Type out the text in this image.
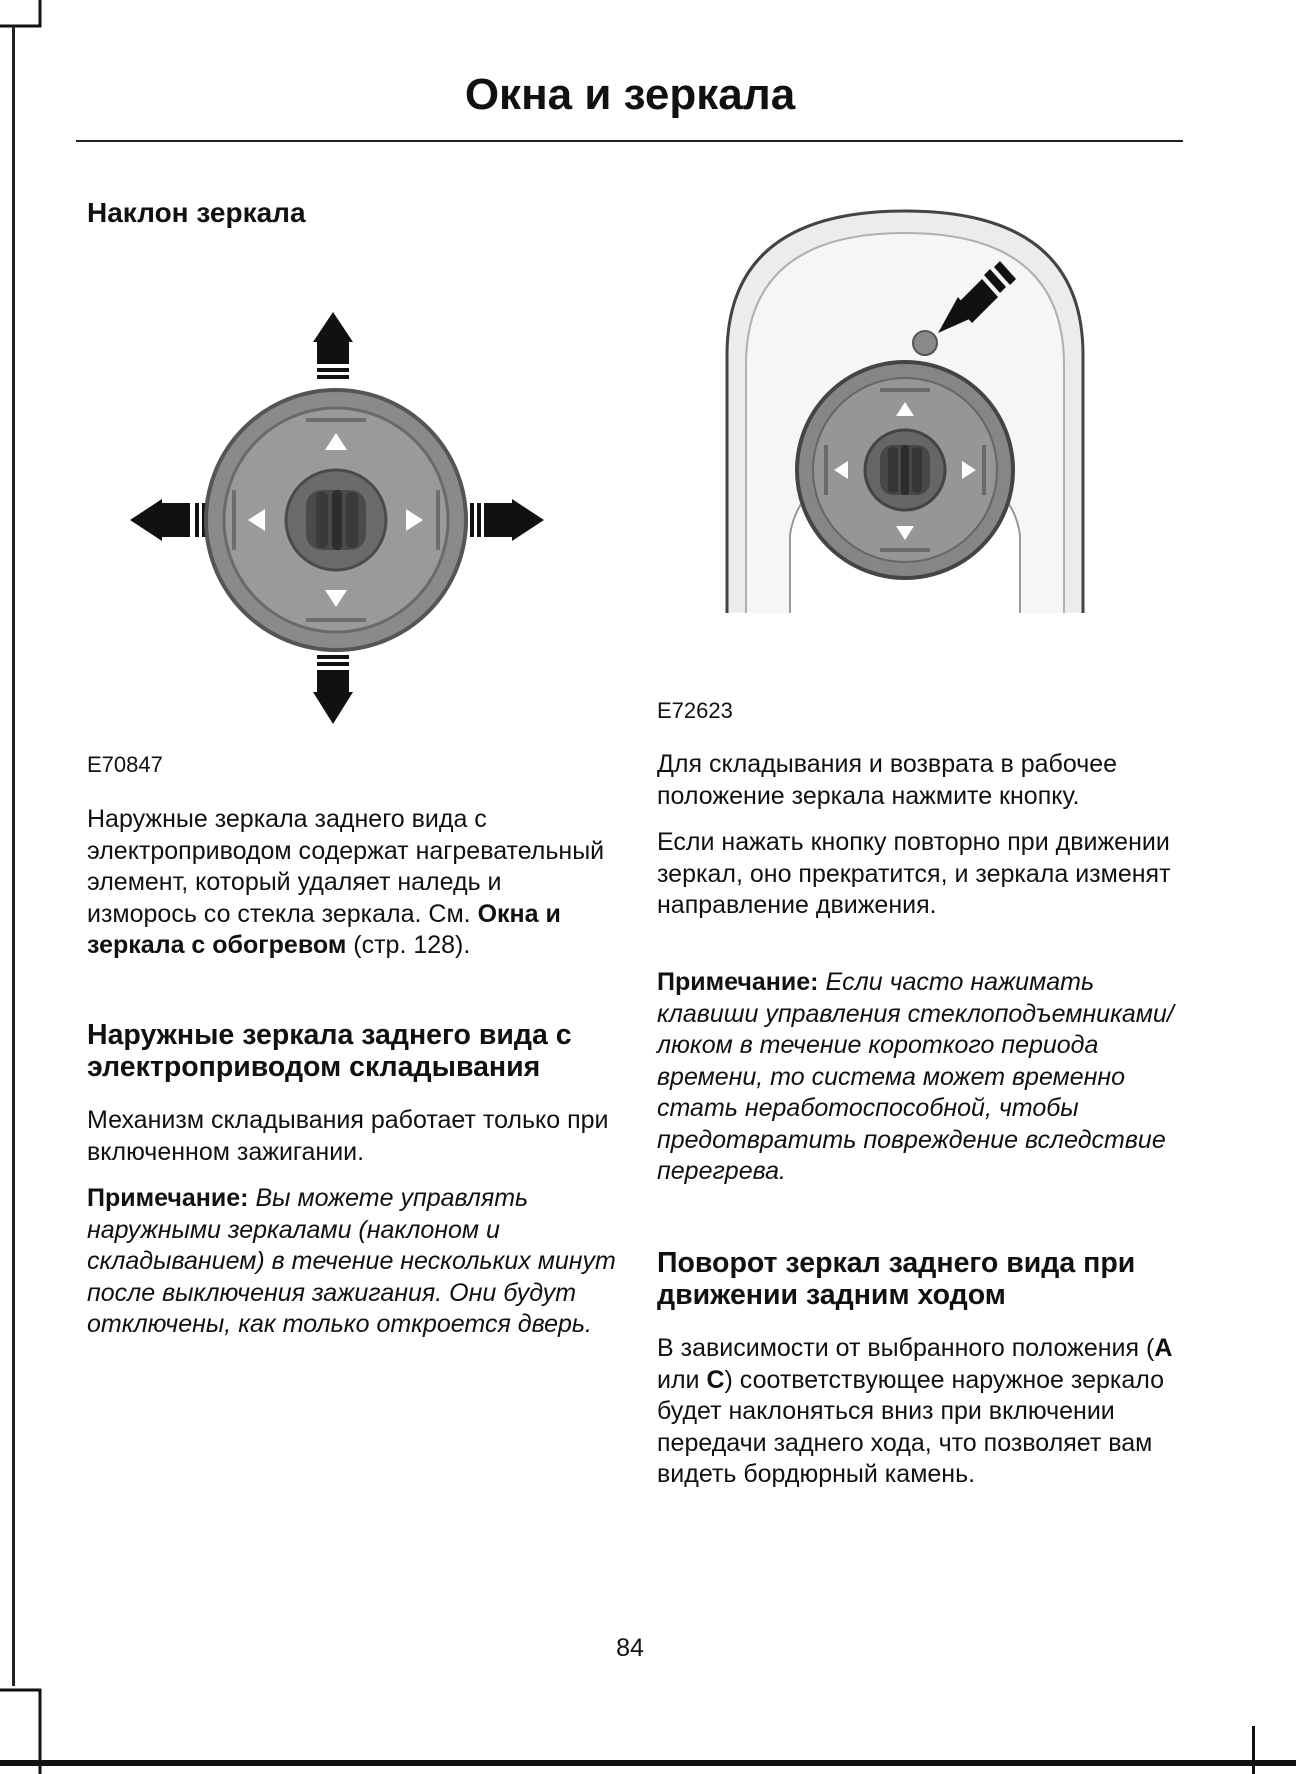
Окна и зеркала
Наклон зеркала

E70847

Наружные зеркала заднего вида с электроприводом содержат нагревательный элемент, который удаляет наледь и изморось со стекла зеркала. См. Окна и зеркала с обогревом (стр. 128).

Наружные зеркала заднего вида с электроприводом складывания

Механизм складывания работает только при включенном зажигании.

Примечание: Вы можете управлять наружными зеркалами (наклоном и складыванием) в течение нескольких минут после выключения зажигания. Они будут отключены, как только откроется дверь.

E72623

Для складывания и возврата в рабочее положение зеркала нажмите кнопку.

Если нажать кнопку повторно при движении зеркал, оно прекратится, и зеркала изменят направление движения.

Примечание: Если часто нажимать клавиши управления стеклоподъемниками/люком в течение короткого периода времени, то система может временно стать неработоспособной, чтобы предотвратить повреждение вследствие перегрева.

Поворот зеркал заднего вида при движении задним ходом

В зависимости от выбранного положения (A или C) соответствующее наружное зеркало будет наклоняться вниз при включении передачи заднего хода, что позволяет вам видеть бордюрный камень.

84
